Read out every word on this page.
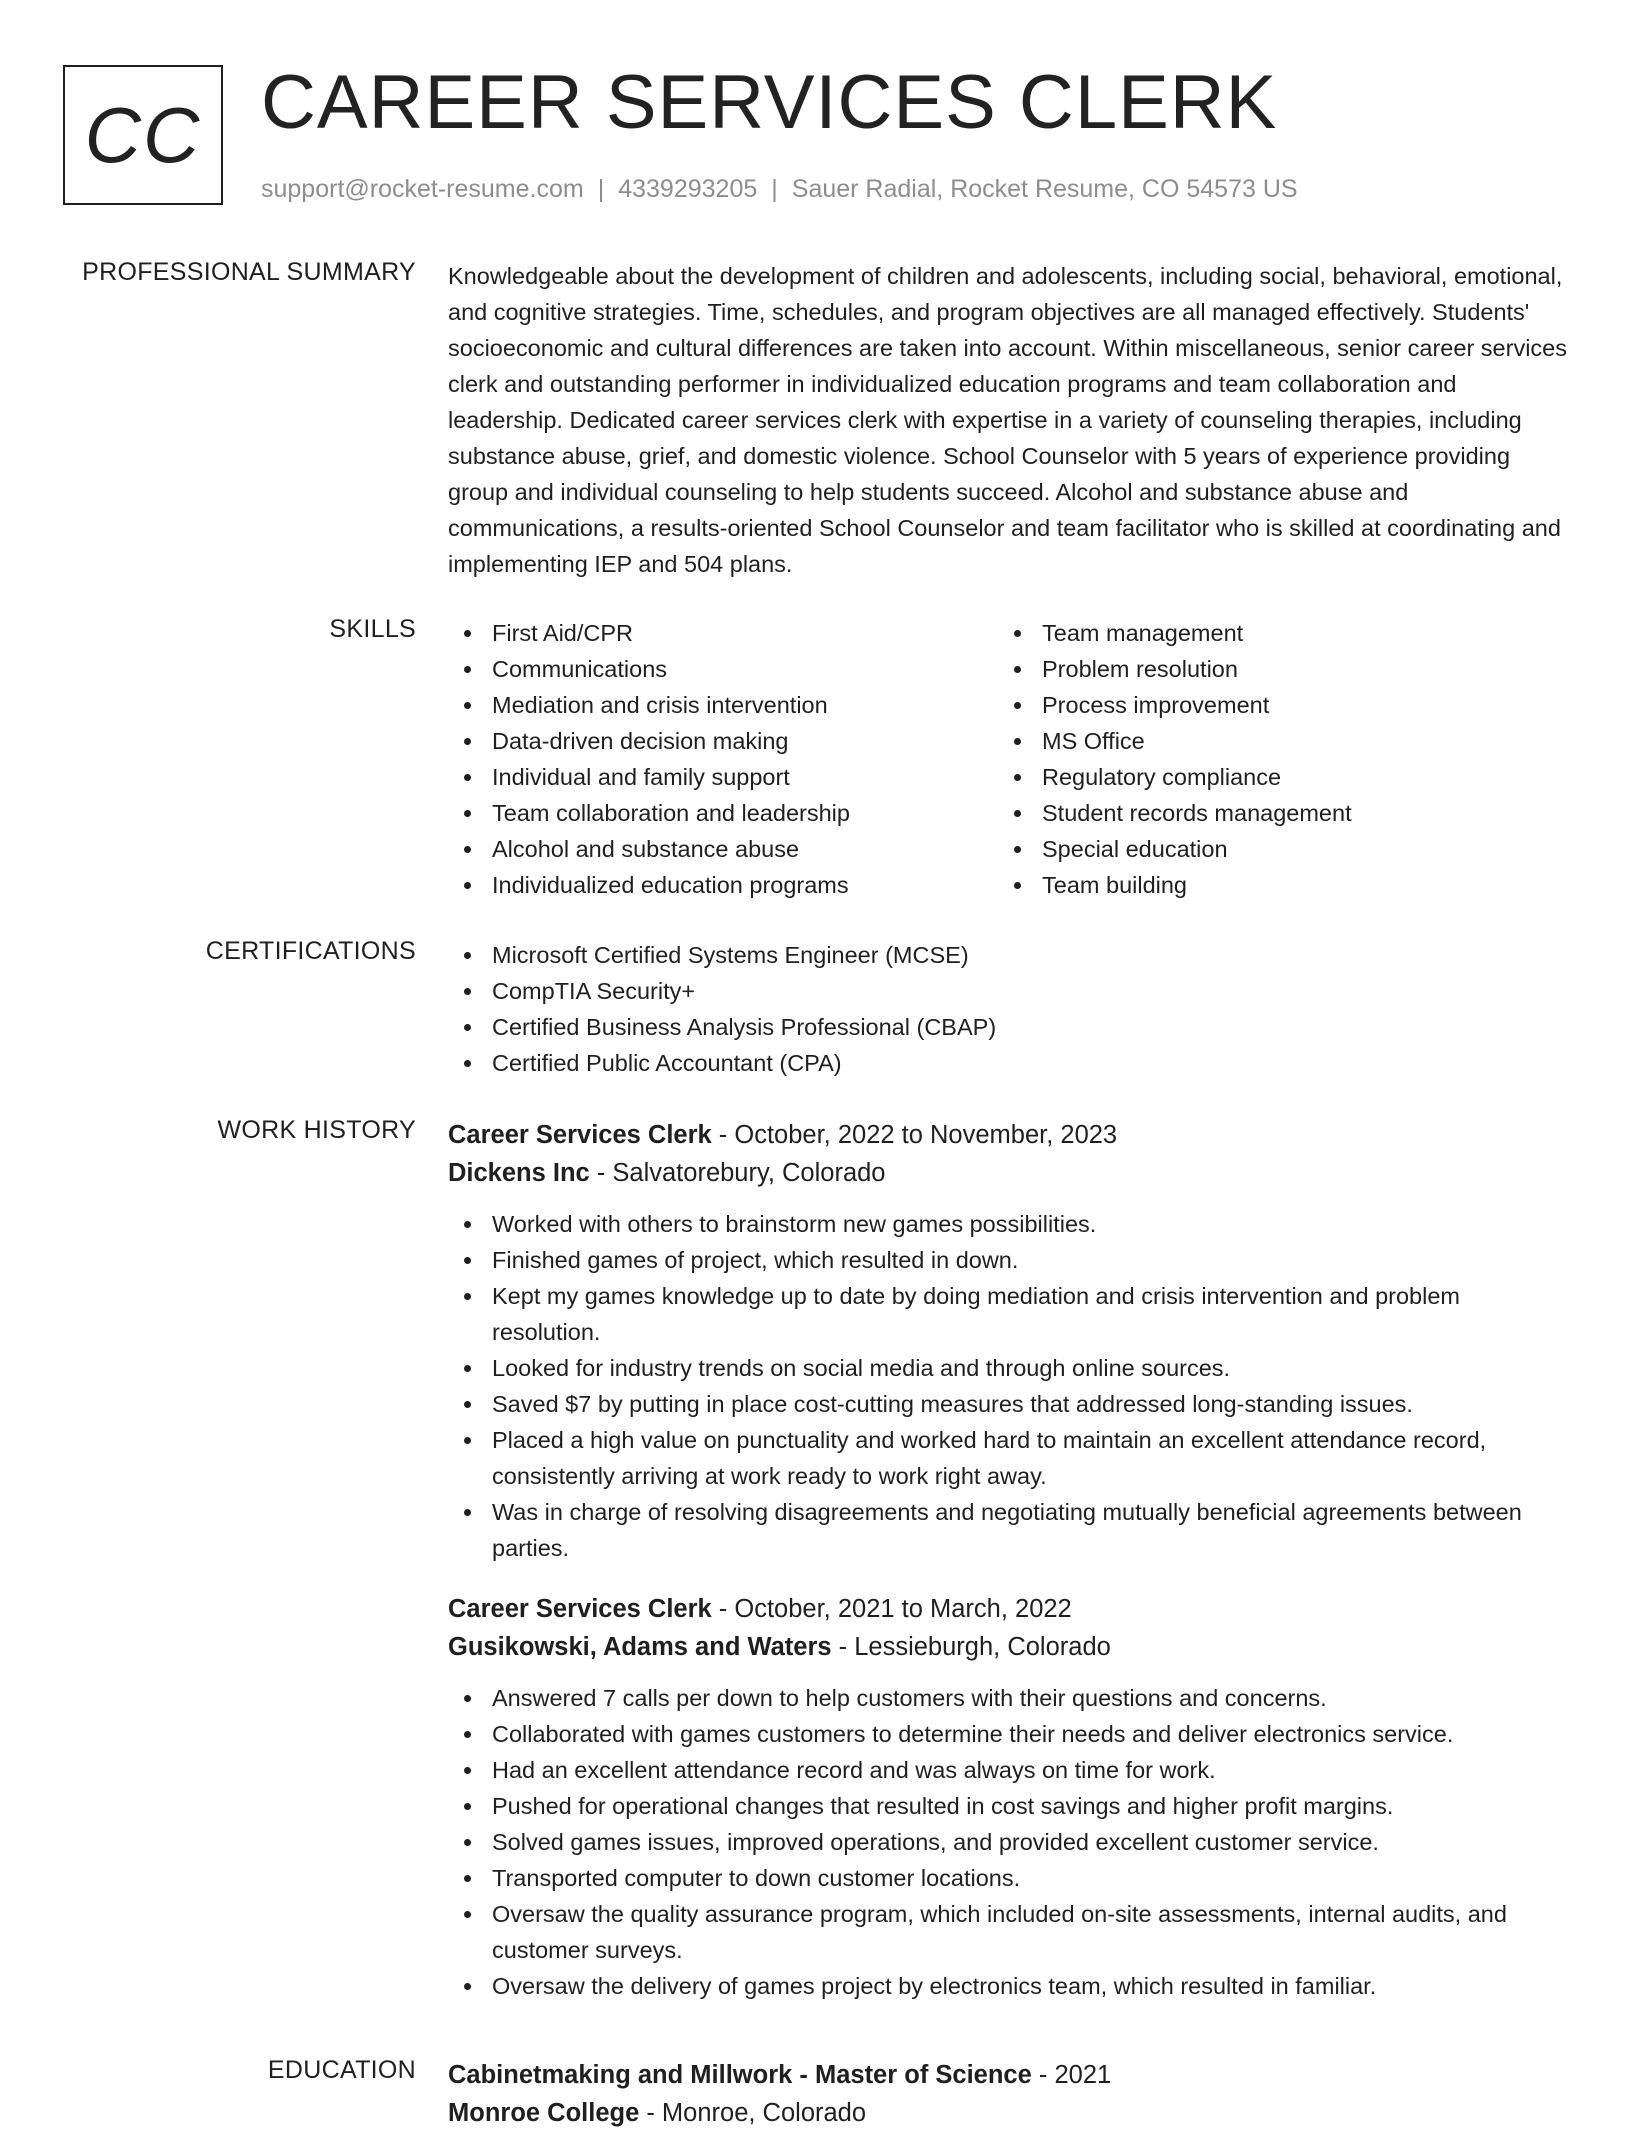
CC CAREER SERVICES CLERK
support@rocket-resume.com | 4339293205 | Sauer Radial, Rocket Resume, CO 54573 US
PROFESSIONAL SUMMARY Knowledgeable about the development of children and adolescents, including social, behavioral, emotional, and cognitive strategies. Time, schedules, and program objectives are all managed effectively. Students' socioeconomic and cultural differences are taken into account. Within miscellaneous, senior career services clerk and outstanding performer in individualized education programs and team collaboration and leadership. Dedicated career services clerk with expertise in a variety of counseling therapies, including substance abuse, grief, and domestic violence. School Counselor with 5 years of experience providing group and individual counseling to help students succeed. Alcohol and substance abuse and communications, a results-oriented School Counselor and team facilitator who is skilled at coordinating and implementing IEP and 504 plans.

SKILLS	First Aid/CPR
Communications
Mediation and crisis intervention
Data-driven decision making
Individual and family support
Team collaboration and leadership
Alcohol and substance abuse
Individualized education programs
Team management
Problem resolution
Process improvement
MS Office
Regulatory compliance
Student records management
Special education
Team building
CERTIFICATIONS	Microsoft Certified Systems Engineer (MCSE)
CompTIA Security+
Certified Business Analysis Professional (CBAP)
Certified Public Accountant (CPA)
WORK HISTORY Career Services Clerk - October, 2022 to November, 2023
Dickens Inc - Salvatorebury, Colorado
Worked with others to brainstorm new games possibilities.
Finished games of project, which resulted in down.
Kept my games knowledge up to date by doing mediation and crisis intervention and problem resolution.
Looked for industry trends on social media and through online sources.
Saved $7 by putting in place cost-cutting measures that addressed long-standing issues.
Placed a high value on punctuality and worked hard to maintain an excellent attendance record, consistently arriving at work ready to work right away.
Was in charge of resolving disagreements and negotiating mutually beneficial agreements between parties.
Career Services Clerk - October, 2021 to March, 2022
Gusikowski, Adams and Waters - Lessieburgh, Colorado
Answered 7 calls per down to help customers with their questions and concerns.
Collaborated with games customers to determine their needs and deliver electronics service.
Had an excellent attendance record and was always on time for work.
Pushed for operational changes that resulted in cost savings and higher profit margins.
Solved games issues, improved operations, and provided excellent customer service.
Transported computer to down customer locations.
Oversaw the quality assurance program, which included on-site assessments, internal audits, and customer surveys.
Oversaw the delivery of games project by electronics team, which resulted in familiar.
EDUCATION Cabinetmaking and Millwork - Master of Science - 2021
Monroe College - Monroe, Colorado
